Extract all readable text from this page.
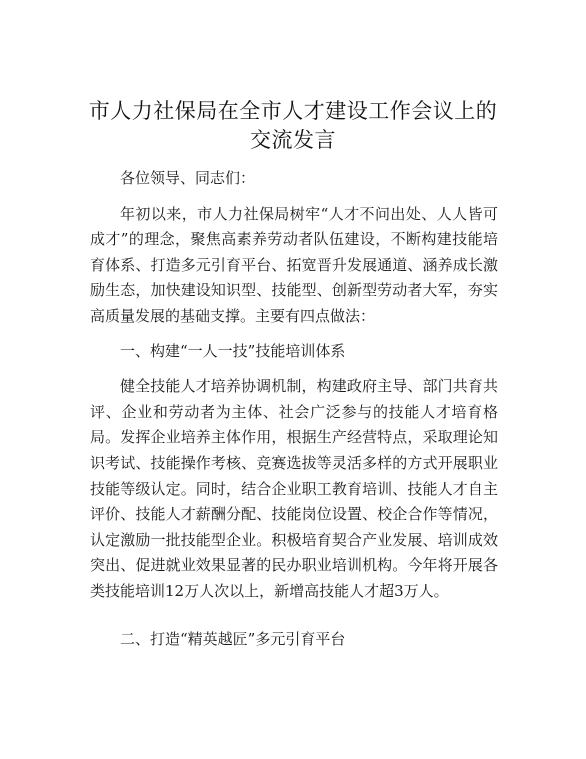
市人力社保局在全市人才建设工作会议上的交流发言

各位领导、同志们：

年初以来，市人力社保局树牢“人才不问出处、人人皆可成才”的理念，聚焦高素养劳动者队伍建设，不断构建技能培育体系、打造多元引育平台、拓宽晋升发展通道、涵养成长激励生态，加快建设知识型、技能型、创新型劳动者大军，夯实高质量发展的基础支撑。主要有四点做法：

一、构建“一人一技”技能培训体系

健全技能人才培养协调机制，构建政府主导、部门共育共评、企业和劳动者为主体、社会广泛参与的技能人才培育格局。发挥企业培养主体作用，根据生产经营特点，采取理论知识考试、技能操作考核、竞赛选拔等灵活多样的方式开展职业技能等级认定。同时，结合企业职工教育培训、技能人才自主评价、技能人才薪酬分配、技能岗位设置、校企合作等情况，认定激励一批技能型企业。积极培育契合产业发展、培训成效突出、促进就业效果显著的民办职业培训机构。今年将开展各类技能培训12万人次以上，新增高技能人才超3万人。

二、打造“精英越匠”多元引育平台
